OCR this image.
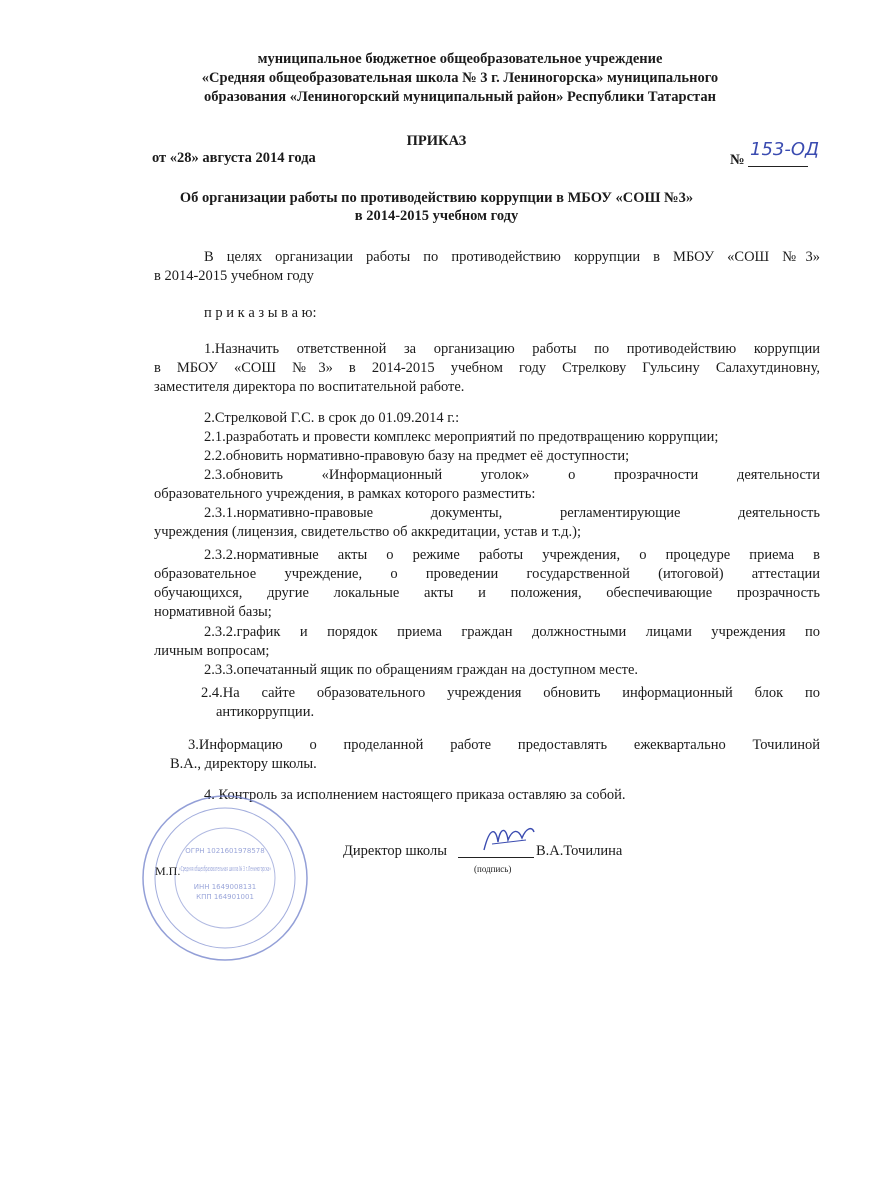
муниципальное бюджетное общеобразовательное учреждение
«Средняя общеобразовательная школа № 3 г. Лениногорска» муниципального
образования «Лениногорский муниципальный район» Республики Татарстан
ПРИКАЗ
от «28» августа 2014 года	№ 153-ОД
Об организации работы по противодействию коррупции в МБОУ «СОШ №3»
в 2014-2015 учебном году
В целях организации работы по противодействию коррупции в МБОУ «СОШ №3»
в 2014-2015 учебном году
п р и к а з ы в а ю:
1.Назначить ответственной за организацию работы по противодействию коррупции
в МБОУ «СОШ №3» в 2014-2015 учебном году Стрелкову Гульсину Салахутдиновну,
заместителя директора по воспитательной работе.
2.Стрелковой Г.С. в срок до 01.09.2014 г.:
2.1.разработать и провести комплекс мероприятий по предотвращению коррупции;
2.2.обновить нормативно-правовую базу на предмет её доступности;
2.3.обновить «Информационный уголок» о прозрачности деятельности
образовательного учреждения, в рамках которого разместить:
2.3.1.нормативно-правовые документы, регламентирующие деятельность
учреждения (лицензия, свидетельство об аккредитации, устав и т.д.);
2.3.2.нормативные акты о режиме работы учреждения, о процедуре приема в
образовательное учреждение, о проведении государственной (итоговой) аттестации
обучающихся, другие локальные акты и положения, обеспечивающие прозрачность
нормативной базы;
2.3.2.график и порядок приема граждан должностными лицами учреждения по
личным вопросам;
2.3.3.опечатанный ящик по обращениям граждан на доступном месте.
2.4.На сайте образовательного учреждения обновить информационный блок по
антикоррупции.
3.Информацию о проделанной работе предоставлять ежеквартально Точилиной
В.А., директору школы.
4. Контроль за исполнением настоящего приказа оставляю за собой.
ОГРН 1021601978578
«Средняя общеобразовательная школа № 3 г.Лениногорска»
ИНН 1649008131
КПП 164901001
М.П.
Директор школы	В.А.Точилина
(подпись)
